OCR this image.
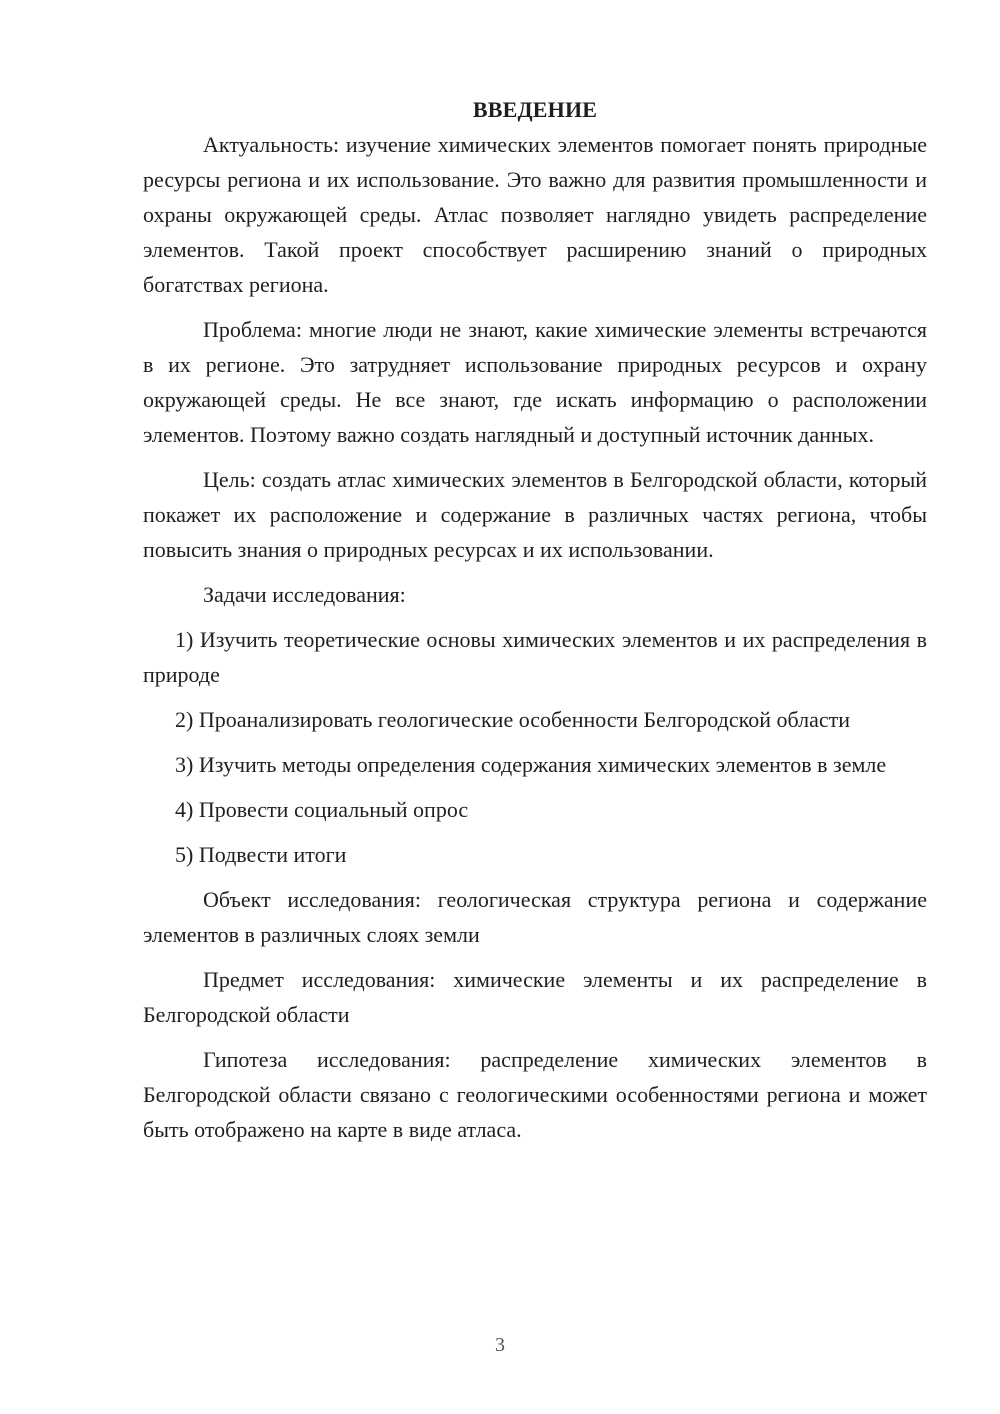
ВВЕДЕНИЕ

Актуальность: изучение химических элементов помогает понять природные ресурсы региона и их использование. Это важно для развития промышленности и охраны окружающей среды. Атлас позволяет наглядно увидеть распределение элементов. Такой проект способствует расширению знаний о природных богатствах региона.

Проблема: многие люди не знают, какие химические элементы встречаются в их регионе. Это затрудняет использование природных ресурсов и охрану окружающей среды. Не все знают, где искать информацию о расположении элементов. Поэтому важно создать наглядный и доступный источник данных.

Цель: создать атлас химических элементов в Белгородской области, который покажет их расположение и содержание в различных частях региона, чтобы повысить знания о природных ресурсах и их использовании.

Задачи исследования:

1) Изучить теоретические основы химических элементов и их распределения в природе

2) Проанализировать геологические особенности Белгородской области

3) Изучить методы определения содержания химических элементов в земле

4) Провести социальный опрос

5) Подвести итоги

Объект исследования: геологическая структура региона и содержание элементов в различных слоях земли

Предмет исследования: химические элементы и их распределение в Белгородской области

Гипотеза исследования: распределение химических элементов в Белгородской области связано с геологическими особенностями региона и может быть отображено на карте в виде атласа.

3
